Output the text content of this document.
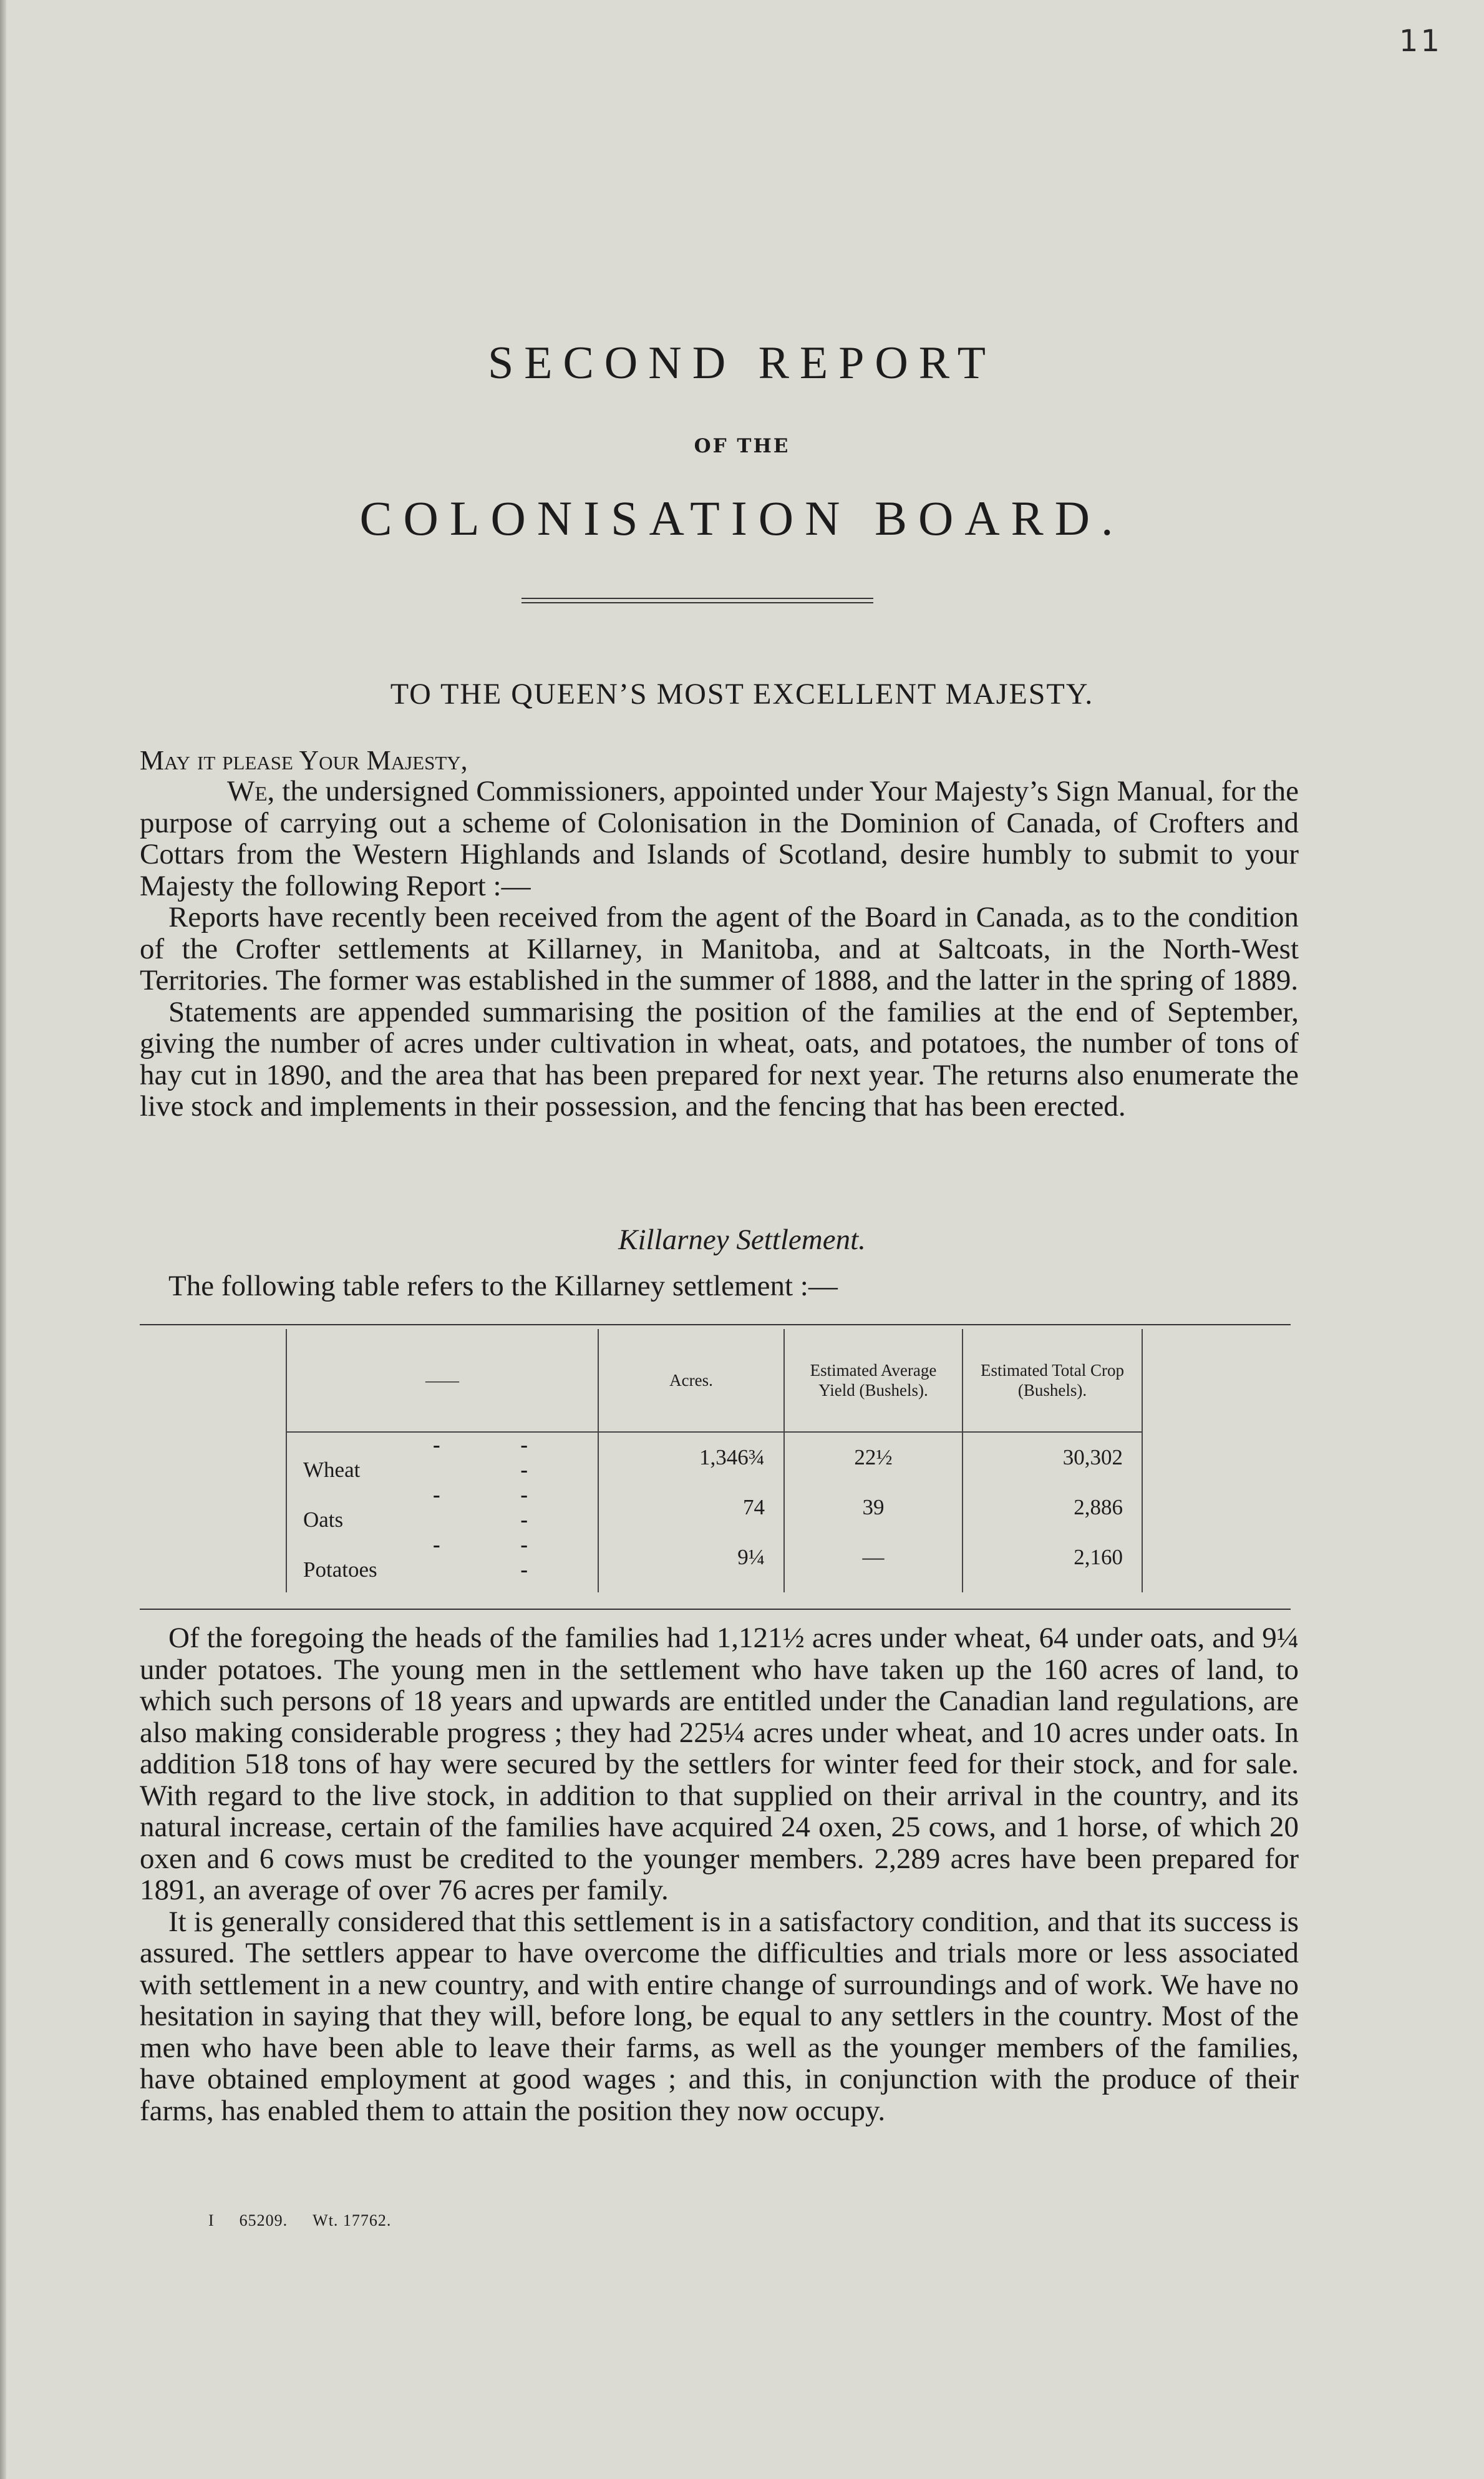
11
SECOND REPORT
OF THE
COLONISATION BOARD.
TO THE QUEEN’S MOST EXCELLENT MAJESTY.
May it please Your Majesty,

We, the undersigned Commissioners, appointed under Your Majesty’s Sign Manual, for the purpose of carrying out a scheme of Colonisation in the Dominion of Canada, of Crofters and Cottars from the Western Highlands and Islands of Scotland, desire humbly to submit to your Majesty the following Report :—

Reports have recently been received from the agent of the Board in Canada, as to the condition of the Crofter settlements at Killarney, in Manitoba, and at Saltcoats, in the North-West Territories. The former was established in the summer of 1888, and the latter in the spring of 1889.

Statements are appended summarising the position of the families at the end of September, giving the number of acres under cultivation in wheat, oats, and potatoes, the number of tons of hay cut in 1890, and the area that has been prepared for next year. The returns also enumerate the live stock and implements in their possession, and the fencing that has been erected.

Killarney Settlement.
The following table refers to the Killarney settlement :—
——	Acres.	Estimated Average Yield (Bushels).	Estimated Total Crop (Bushels).
Wheat- - -	1,346¾	22½	30,302
Oats- - -	74	39	2,886
Potatoes- - -	9¼	—	2,160

Of the foregoing the heads of the families had 1,121½ acres under wheat, 64 under oats, and 9¼ under potatoes. The young men in the settlement who have taken up the 160 acres of land, to which such persons of 18 years and upwards are entitled under the Canadian land regulations, are also making considerable progress ; they had 225¼ acres under wheat, and 10 acres under oats. In addition 518 tons of hay were secured by the settlers for winter feed for their stock, and for sale. With regard to the live stock, in addition to that supplied on their arrival in the country, and its natural increase, certain of the families have acquired 24 oxen, 25 cows, and 1 horse, of which 20 oxen and 6 cows must be credited to the younger members. 2,289 acres have been prepared for 1891, an average of over 76 acres per family.

It is generally considered that this settlement is in a satisfactory condition, and that its success is assured. The settlers appear to have overcome the difficulties and trials more or less associated with settlement in a new country, and with entire change of surroundings and of work. We have no hesitation in saying that they will, before long, be equal to any settlers in the country. Most of the men who have been able to leave their farms, as well as the younger members of the families, have obtained employment at good wages ; and this, in conjunction with the produce of their farms, has enabled them to attain the position they now occupy.

I 65209. Wt. 17762.
